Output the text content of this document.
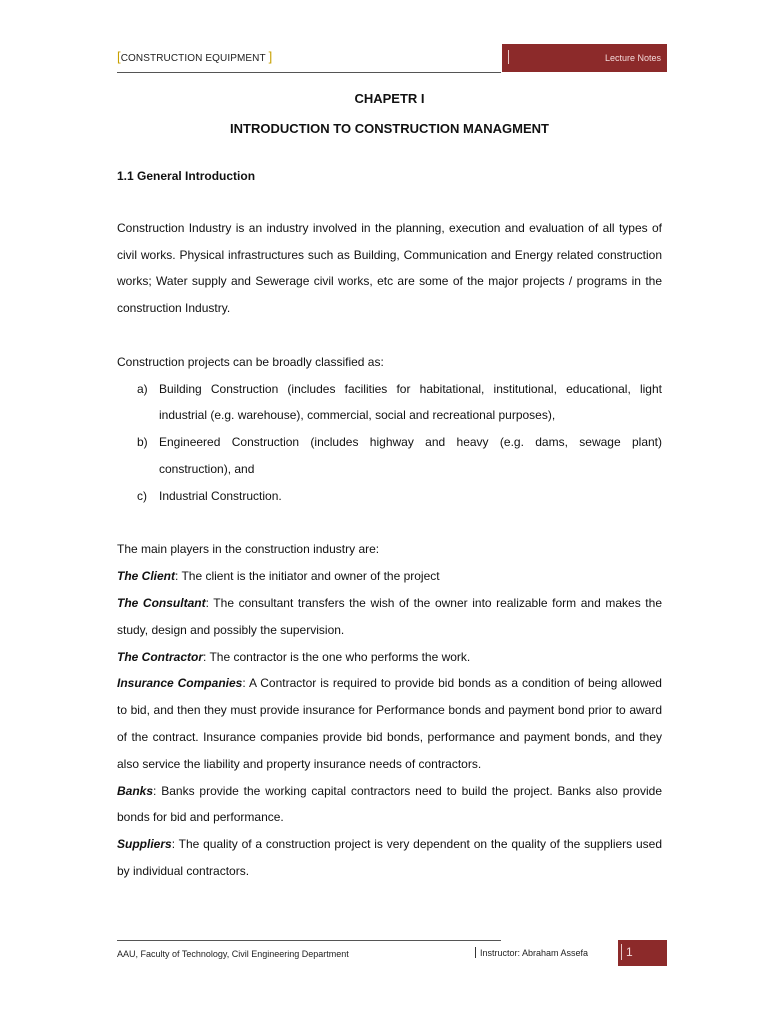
[CONSTRUCTION EQUIPMENT ]	Lecture Notes
CHAPETR I
INTRODUCTION TO CONSTRUCTION MANAGMENT
1.1 General Introduction

Construction Industry is an industry involved in the planning, execution and evaluation of all types of civil works. Physical infrastructures such as Building, Communication and Energy related construction works; Water supply and Sewerage civil works, etc are some of the major projects / programs in the construction Industry.

Construction projects can be broadly classified as:

a) Building Construction (includes facilities for habitational, institutional, educational, light industrial (e.g. warehouse), commercial, social and recreational purposes),
b) Engineered Construction (includes highway and heavy (e.g. dams, sewage plant) construction), and
c) Industrial Construction.

The main players in the construction industry are:

The Client: The client is the initiator and owner of the project

The Consultant: The consultant transfers the wish of the owner into realizable form and makes the study, design and possibly the supervision.

The Contractor: The contractor is the one who performs the work.

Insurance Companies: A Contractor is required to provide bid bonds as a condition of being allowed to bid, and then they must provide insurance for Performance bonds and payment bond prior to award of the contract. Insurance companies provide bid bonds, performance and payment bonds, and they also service the liability and property insurance needs of contractors.

Banks: Banks provide the working capital contractors need to build the project. Banks also provide bonds for bid and performance.

Suppliers: The quality of a construction project is very dependent on the quality of the suppliers used by individual contractors.

AAU, Faculty of Technology, Civil Engineering Department	Instructor: Abraham Assefa	1
